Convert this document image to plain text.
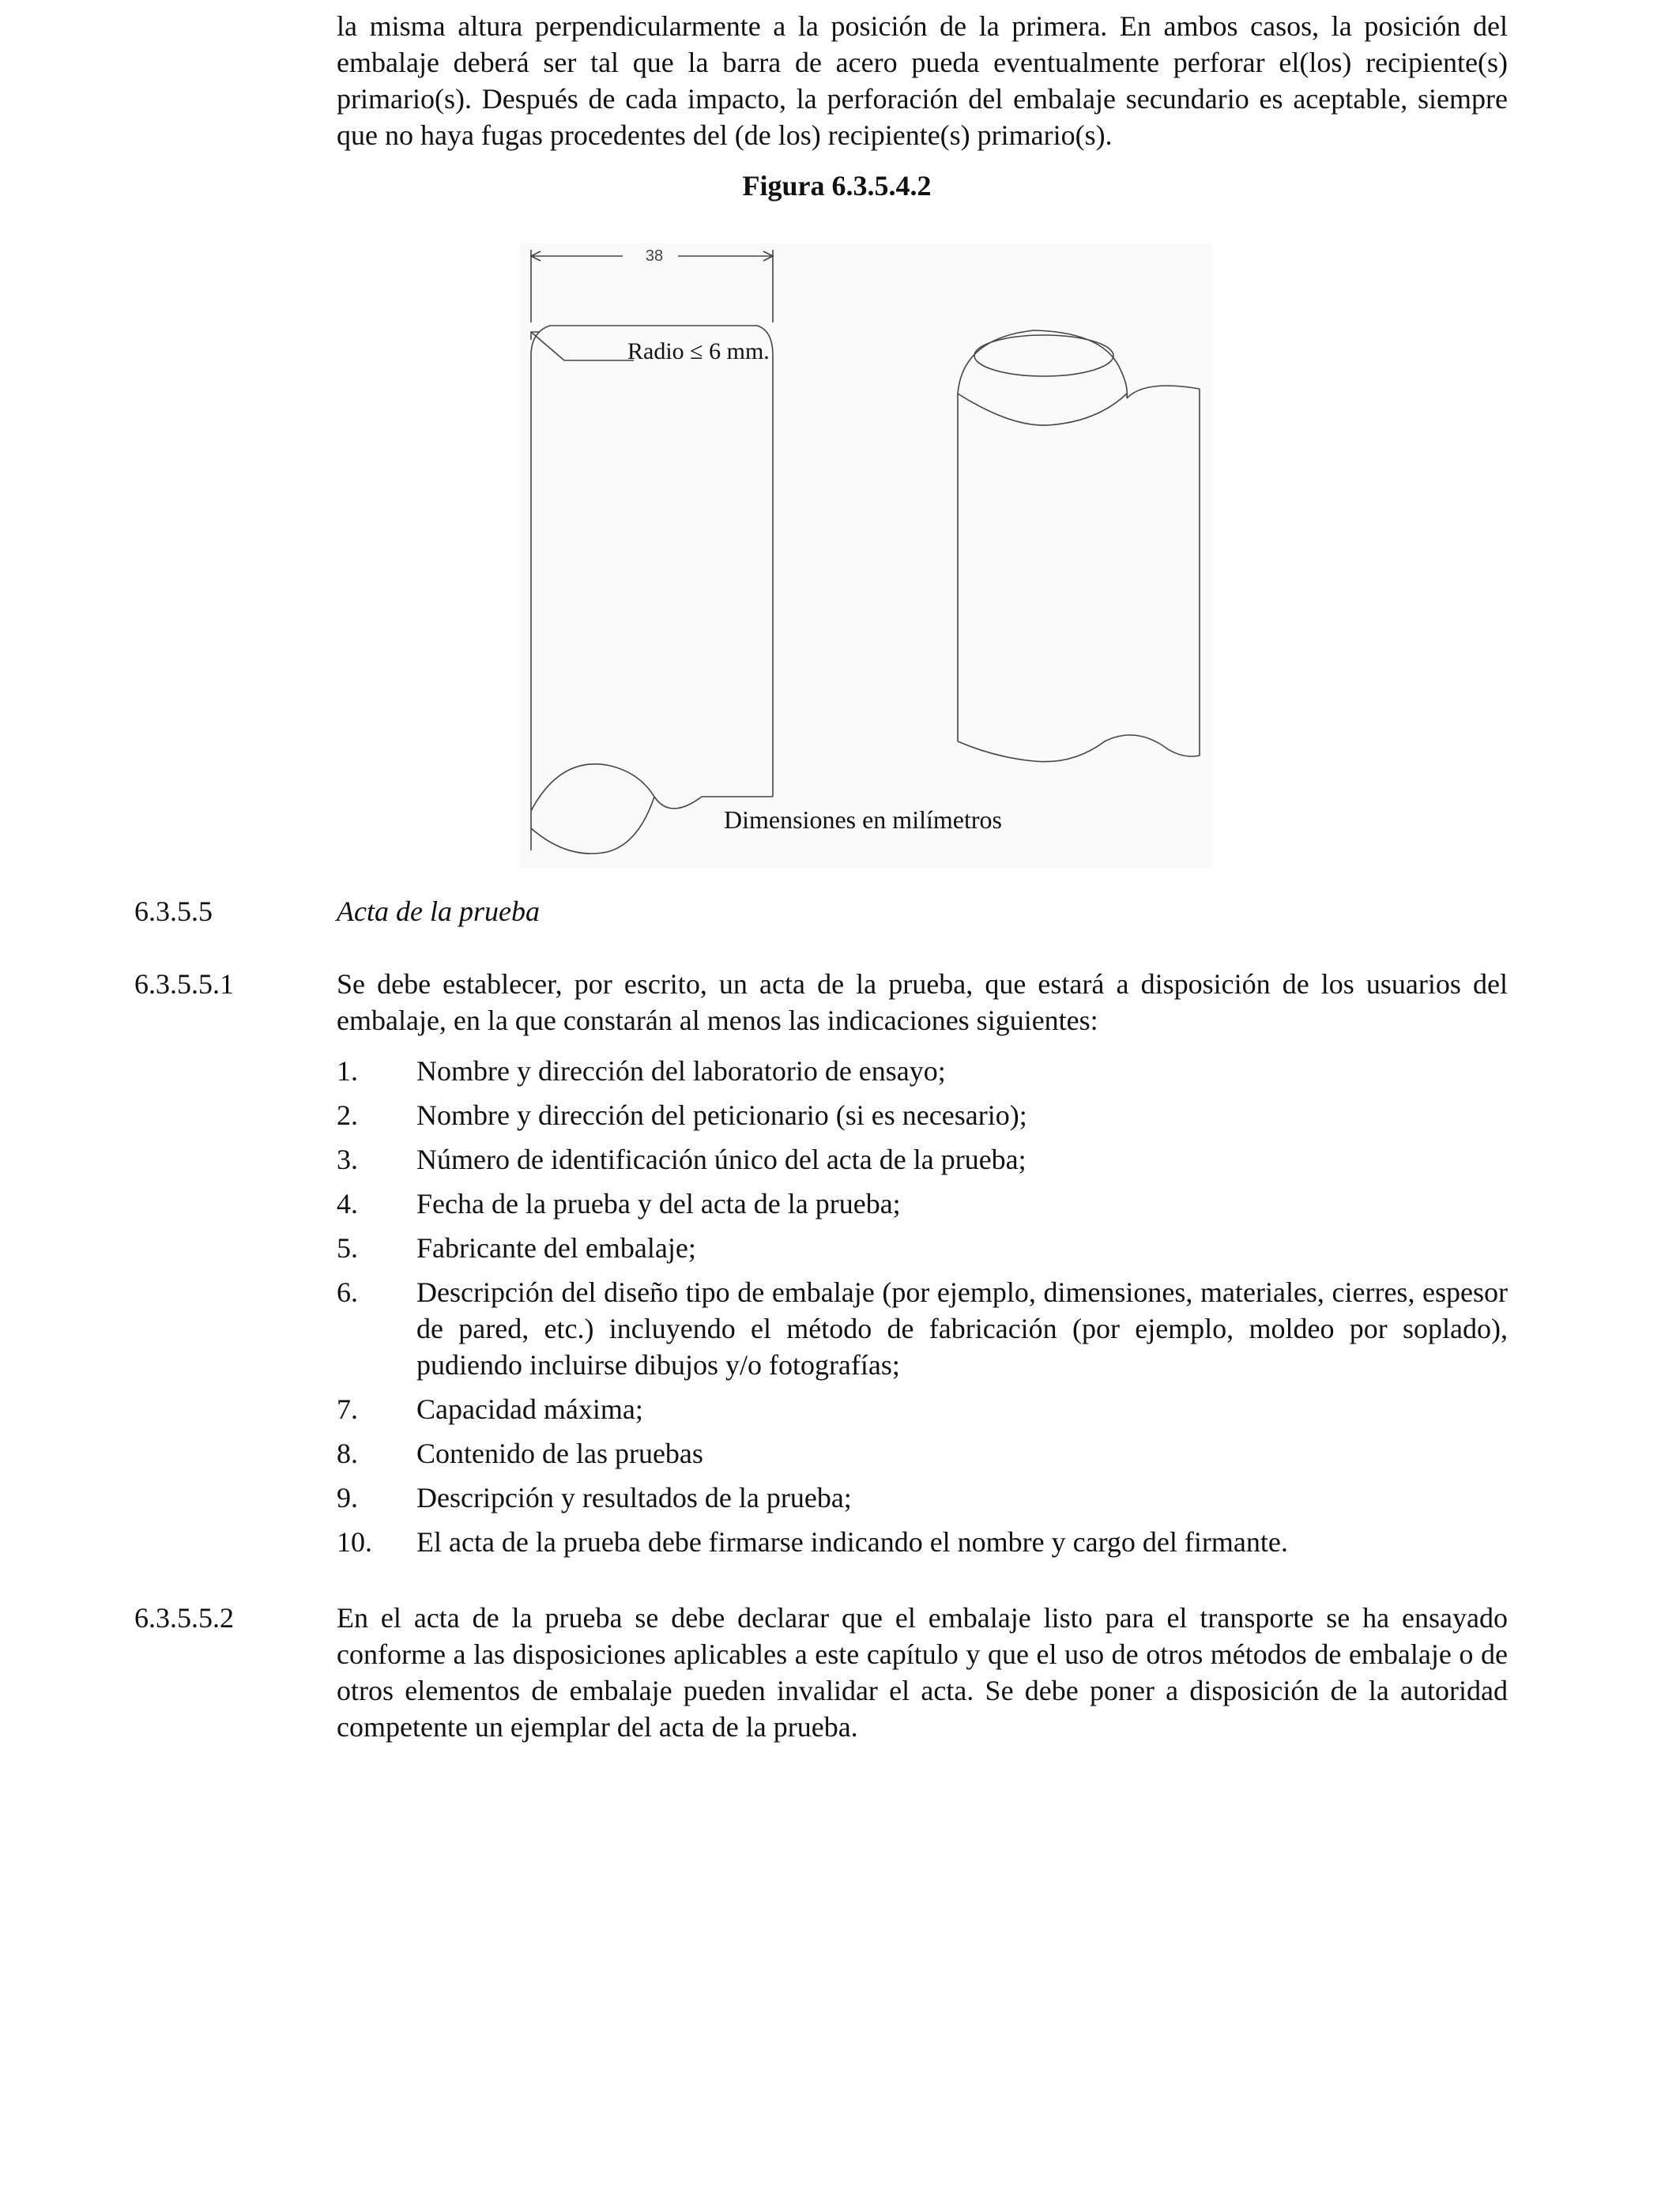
la misma altura perpendicularmente a la posición de la primera. En ambos casos, la posición del embalaje deberá ser tal que la barra de acero pueda eventualmente perforar el(los) recipiente(s) primario(s). Después de cada impacto, la perforación del embalaje secundario es aceptable, siempre que no haya fugas procedentes del (de los) recipiente(s) primario(s).

Figura 6.3.5.4.2
38
Radio ≤ 6 mm.
Dimensiones en milímetros
6.3.5.5	Acta de la prueba
6.3.5.5.1	Se debe establecer, por escrito, un acta de la prueba, que estará a disposición de los usuarios del embalaje, en la que constarán al menos las indicaciones siguientes:
1.	Nombre y dirección del laboratorio de ensayo;
2.	Nombre y dirección del peticionario (si es necesario);
3.	Número de identificación único del acta de la prueba;
4.	Fecha de la prueba y del acta de la prueba;
5.	Fabricante del embalaje;
6.	Descripción del diseño tipo de embalaje (por ejemplo, dimensiones, materiales, cierres, espesor de pared, etc.) incluyendo el método de fabricación (por ejemplo, moldeo por soplado), pudiendo incluirse dibujos y/o fotografías;
7.	Capacidad máxima;
8.	Contenido de las pruebas
9.	Descripción y resultados de la prueba;
10.	El acta de la prueba debe firmarse indicando el nombre y cargo del firmante.
6.3.5.5.2	En el acta de la prueba se debe declarar que el embalaje listo para el transporte se ha ensayado conforme a las disposiciones aplicables a este capítulo y que el uso de otros métodos de embalaje o de otros elementos de embalaje pueden invalidar el acta. Se debe poner a disposición de la autoridad competente un ejemplar del acta de la prueba.
